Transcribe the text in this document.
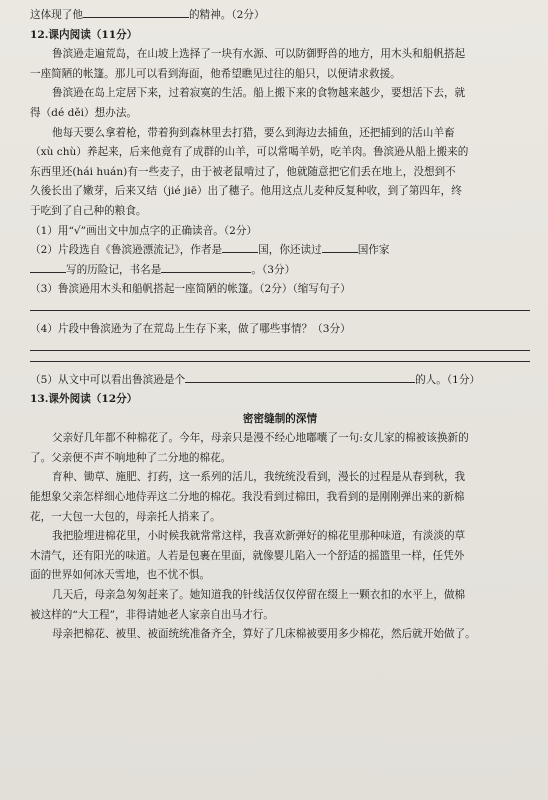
这体现了他	的精神。（2分）
12.课内阅读（11分）
鲁滨逊走遍荒岛，在山坡上选择了一块有水源、可以防御野兽的地方，用木头和船帆搭起
一座简陋的帐篷。那儿可以看到海面，他希望瞧见过往的船只，以便请求救援。
鲁滨逊在岛上定居下来，过着寂寞的生活。船上搬下来的食物越来越少，要想活下去，就
得（dé děi）想办法。
他每天要么拿着枪，带着狗到森林里去打猎，要么到海边去捕鱼，还把捕到的活山羊畜
（xù chù）养起来，后来他竟有了成群的山羊，可以常喝羊奶，吃羊肉。鲁滨逊从船上搬来的
东西里还(hái huán)有一些麦子，由于被老鼠啃过了，他就随意把它们丢在地上，没想到不
久後长出了嫩芽，后来又结（jié jiē）出了穗子。他用这点儿麦种反复种收，到了第四年，终
于吃到了自己种的粮食。
（1）用“√”画出文中加点字的正确读音。（2分）
（2）片段选自《鲁滨逊漂流记》，作者是	国，你还读过	国作家
写的历险记，书名是	。（3分）
（3）鲁滨逊用木头和船帆搭起一座简陋的帐篷。（2分）（缩写句子）
（4）片段中鲁滨逊为了在荒岛上生存下来，做了哪些事情？（3分）
（5）从文中可以看出鲁滨逊是个	的人。（1分）
13.课外阅读（12分）
密密缝制的深情
父亲好几年都不种棉花了。今年，母亲只是漫不经心地嘟囔了一句:女儿家的棉被该换新的
了。父亲便不声不响地种了二分地的棉花。
育种、锄草、施肥、打药，这一系列的活儿，我统统没看到，漫长的过程是从春到秋，我
能想象父亲怎样细心地侍弄这二分地的棉花。我没看到过棉田，我看到的是刚刚弹出来的新棉
花，一大包一大包的，母亲托人捎来了。
我把脸埋进棉花里，小时候我就常常这样，我喜欢新弹好的棉花里那种味道，有淡淡的草
木清气，还有阳光的味道。人若是包裹在里面，就像婴儿陷入一个舒适的摇篮里一样，任凭外
面的世界如何冰天雪地，也不忧不惧。
几天后，母亲急匆匆赶来了。她知道我的针线活仅仅停留在缀上一颗衣扣的水平上，做棉
被这样的“大工程”，非得请她老人家亲自出马才行。
母亲把棉花、被里、被面统统准备齐全，算好了几床棉被要用多少棉花，然后就开始做了。
